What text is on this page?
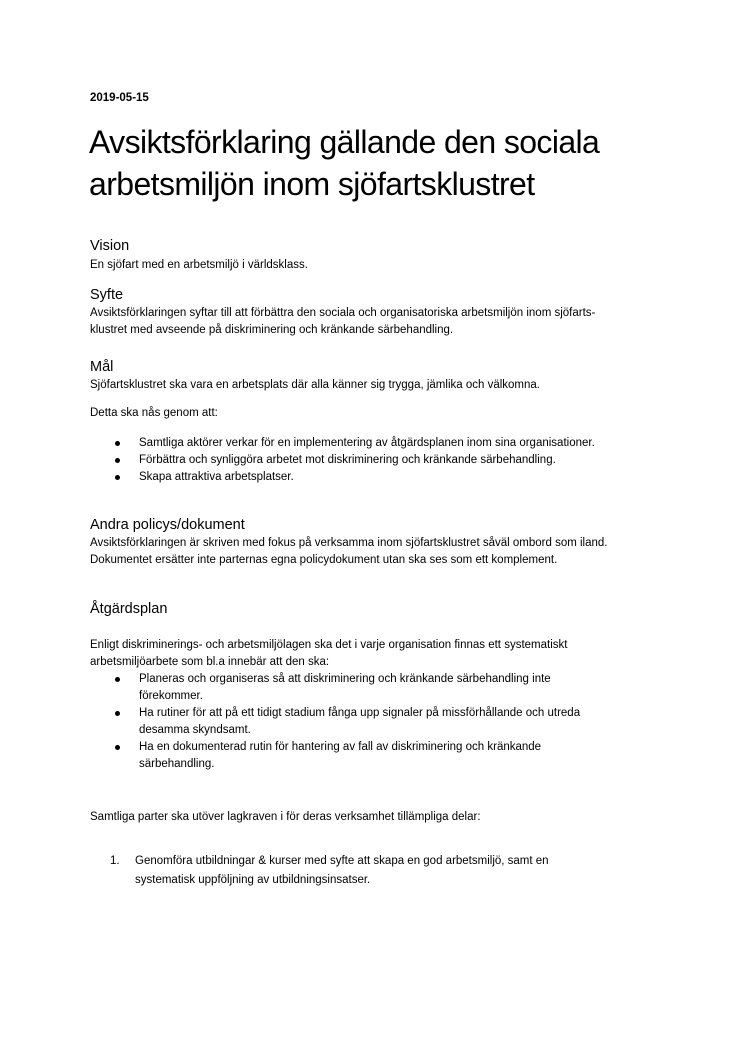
2019-05-15

Avsiktsförklaring gällande den sociala
arbetsmiljön inom sjöfartsklustret
Vision

En sjöfart med en arbetsmiljö i världsklass.

Syfte

Avsiktsförklaringen syftar till att förbättra den sociala och organisatoriska arbetsmiljön inom sjöfarts-
klustret med avseende på diskriminering och kränkande särbehandling.

Mål

Sjöfartsklustret ska vara en arbetsplats där alla känner sig trygga, jämlika och välkomna.

Detta ska nås genom att:

Samtliga aktörer verkar för en implementering av åtgärdsplanen inom sina organisationer.
Förbättra och synliggöra arbetet mot diskriminering och kränkande särbehandling.
Skapa attraktiva arbetsplatser.
Andra policys/dokument

Avsiktsförklaringen är skriven med fokus på verksamma inom sjöfartsklustret såväl ombord som iland.
Dokumentet ersätter inte parternas egna policydokument utan ska ses som ett komplement.

Åtgärdsplan

Enligt diskriminerings- och arbetsmiljölagen ska det i varje organisation finnas ett systematiskt
arbetsmiljöarbete som bl.a innebär att den ska:

Planeras och organiseras så att diskriminering och kränkande särbehandling inte
förekommer.
Ha rutiner för att på ett tidigt stadium fånga upp signaler på missförhållande och utreda
desamma skyndsamt.
Ha en dokumenterad rutin för hantering av fall av diskriminering och kränkande
särbehandling.

Samtliga parter ska utöver lagkraven i för deras verksamhet tillämpliga delar:

1. Genomföra utbildningar & kurser med syfte att skapa en god arbetsmiljö, samt en
systematisk uppföljning av utbildningsinsatser.
